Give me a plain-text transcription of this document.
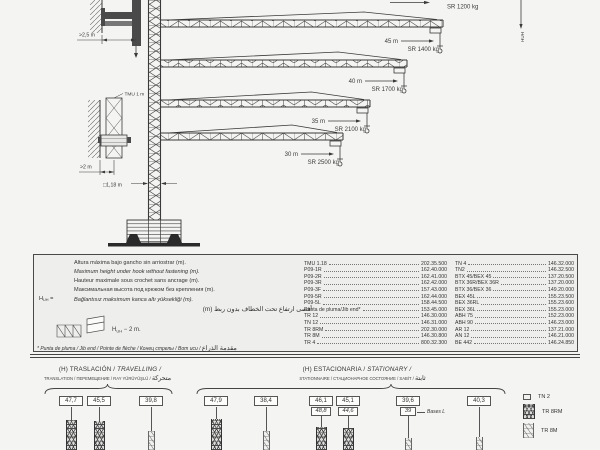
>2,5 m
TMU 1 m
>2 m
□1,18 m
SR 1200 kg
HUH
45 m
SR 1400 kg
40 m
SR 1700 kg
35 m
SR 2100 kg
30 m
SR 2500 kg
$H_{UH}$ =
Altura máxima bajo gancho sin arriostrar (m).
Maximum height under hook without fastening (m).
Hauteur maximale sous crochet sans ancrage (m).
Максимальная высота под крюком без крепления (m).
Bağlantısız maksimum kanca altı yüksekliği (m).
أقصى ارتفاع تحت الخطاف بدون ربط (m)
$H_{UH} - 2$ m.
TMU 1.18	202.35.500
P09-1R	162.40.000
P09-2R	162.41.000
P09-3R	162.42.000
P09-3F	157.43.000
P09-5R	162.44.000
P09-5L	158.44.500
Punta de pluma/Jib end*	153.45.000
TR 12	146.30.000
TN 12	146.31.000
TR 8RM	202.30.000
TR 8M	146.30.800
TR 4	800.32.300
TN 4	146.32.000
TN2	146.32.500
BTX 45/BEX 45	137.20.500
BTX 36R/BEX 36R	137.20.000
BTX 36/BEX 36	149.20.000
BEX 45L	155.23.500
BEX 36RL	155.23.600
BEX 36L	155.23.000
ABH 75	152.23.000
ABH 90	146.23.000
AR 12	137.21.000
AN 12	146.21.000
BE 442	146.24.850
* Punta de pluma / Jib end / Pointe de flèche / Конец стрелы / Bom ucu / مقدمة الذراع
(H) TRASLACIÓN / TRAVELLING /
TRANSLATION / ПЕРЕМЕЩЕНИЕ / RAY YÜRÜYÜŞLÜ / متحركة
(H) ESTACIONARIA / STATIONARY /
STATIONNAIRE / СТАЦИОНАРНОЕ СОСТОЯНИЕ / SABİT / ثابتة
47,7	45,5	39,8	47,9	38,4	46,1
48,8
45,1
44,6
39,6
39	Bases L
40,3
TN 2
TR 8RM
TR 8M
